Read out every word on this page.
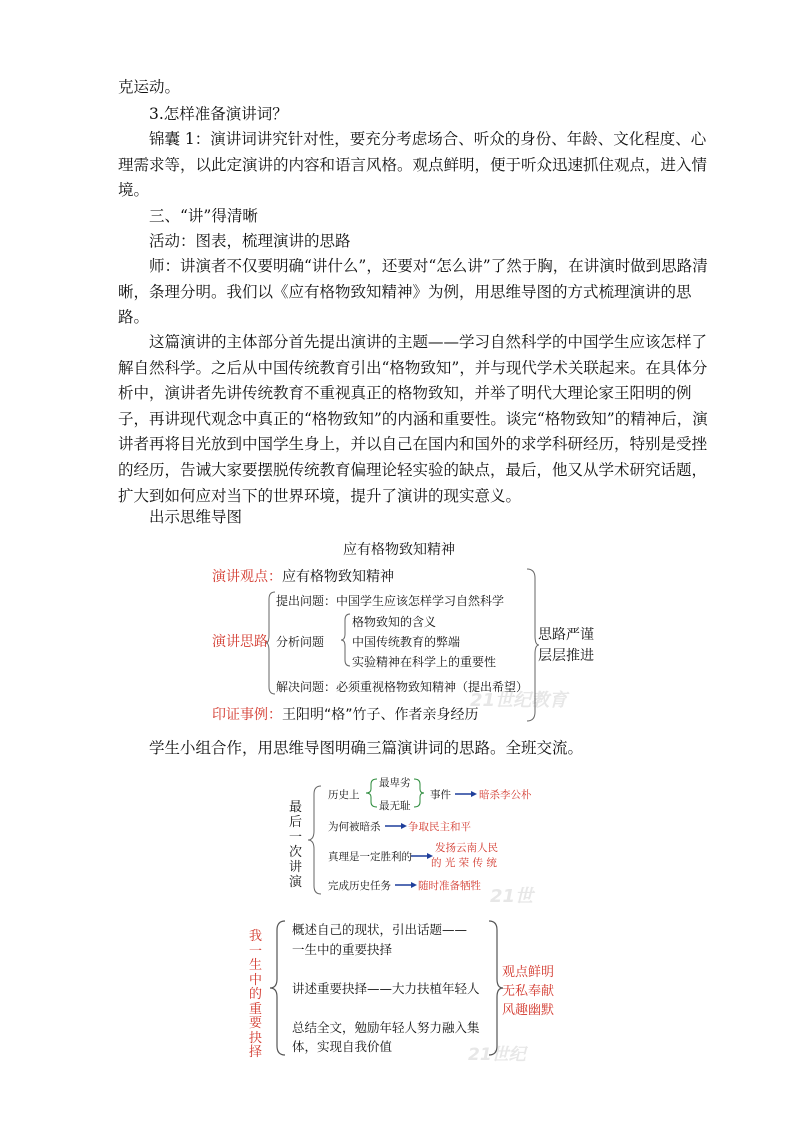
克运动。
3.怎样准备演讲词？
锦囊 1：演讲词讲究针对性，要充分考虑场合、听众的身份、年龄、文化程度、心理需求等，以此定演讲的内容和语言风格。观点鲜明，便于听众迅速抓住观点，进入情境。
三、“讲”得清晰
活动：图表，梳理演讲的思路
师：讲演者不仅要明确“讲什么”，还要对“怎么讲”了然于胸，在讲演时做到思路清晰，条理分明。我们以《应有格物致知精神》为例，用思维导图的方式梳理演讲的思路。
这篇演讲的主体部分首先提出演讲的主题——学习自然科学的中国学生应该怎样了解自然科学。之后从中国传统教育引出“格物致知”，并与现代学术关联起来。在具体分析中，演讲者先讲传统教育不重视真正的格物致知，并举了明代大理论家王阳明的例子，再讲现代观念中真正的“格物致知”的内涵和重要性。谈完“格物致知”的精神后，演讲者再将目光放到中国学生身上，并以自己在国内和国外的求学科研经历，特别是受挫的经历，告诫大家要摆脱传统教育偏理论轻实验的缺点，最后，他又从学术研究话题，扩大到如何应对当下的世界环境，提升了演讲的现实意义。
出示思维导图
21世纪教育
应有格物致知精神
演讲观点： 应有格物致知精神
演讲思路
提出问题：中国学生应该怎样学习自然科学
分析问题
格物致知的含义
中国传统教育的弊端
实验精神在科学上的重要性
解决问题：必须重视格物致知精神（提出希望）
印证事例： 王阳明“格”竹子、作者亲身经历
思路严谨
层层推进
学生小组合作，用思维导图明确三篇演讲词的思路。全班交流。
21世
最
后
一
次
讲
演
历史上
最卑劣
最无耻
事件	暗杀李公朴
为何被暗杀	争取民主和平
真理是一定胜利的
发扬云南人民
的 光 荣 传 统
完成历史任务	随时准备牺牲
21世纪
我
一
生
中
的
重
要
抉
择
概述自己的现状，引出话题——
一生中的重要抉择
讲述重要抉择——大力扶植年轻人
总结全文，勉励年轻人努力融入集
体，实现自我价值
观点鲜明
无私奉献
风趣幽默
